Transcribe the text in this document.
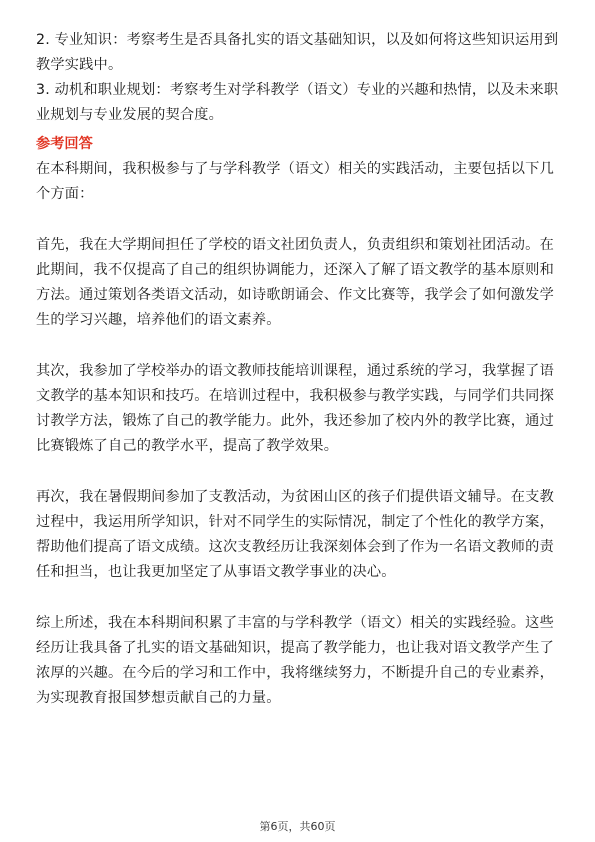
2. 专业知识：考察考生是否具备扎实的语文基础知识，以及如何将这些知识运用到
教学实践中。
3. 动机和职业规划：考察考生对学科教学（语文）专业的兴趣和热情，以及未来职
业规划与专业发展的契合度。
参考回答
在本科期间，我积极参与了与学科教学（语文）相关的实践活动，主要包括以下几
个方面：
首先，我在大学期间担任了学校的语文社团负责人，负责组织和策划社团活动。在
此期间，我不仅提高了自己的组织协调能力，还深入了解了语文教学的基本原则和
方法。通过策划各类语文活动，如诗歌朗诵会、作文比赛等，我学会了如何激发学
生的学习兴趣，培养他们的语文素养。
其次，我参加了学校举办的语文教师技能培训课程，通过系统的学习，我掌握了语
文教学的基本知识和技巧。在培训过程中，我积极参与教学实践，与同学们共同探
讨教学方法，锻炼了自己的教学能力。此外，我还参加了校内外的教学比赛，通过
比赛锻炼了自己的教学水平，提高了教学效果。
再次，我在暑假期间参加了支教活动，为贫困山区的孩子们提供语文辅导。在支教
过程中，我运用所学知识，针对不同学生的实际情况，制定了个性化的教学方案，
帮助他们提高了语文成绩。这次支教经历让我深刻体会到了作为一名语文教师的责
任和担当，也让我更加坚定了从事语文教学事业的决心。
综上所述，我在本科期间积累了丰富的与学科教学（语文）相关的实践经验。这些
经历让我具备了扎实的语文基础知识，提高了教学能力，也让我对语文教学产生了
浓厚的兴趣。在今后的学习和工作中，我将继续努力，不断提升自己的专业素养，
为实现教育报国梦想贡献自己的力量。
第6页，共60页
